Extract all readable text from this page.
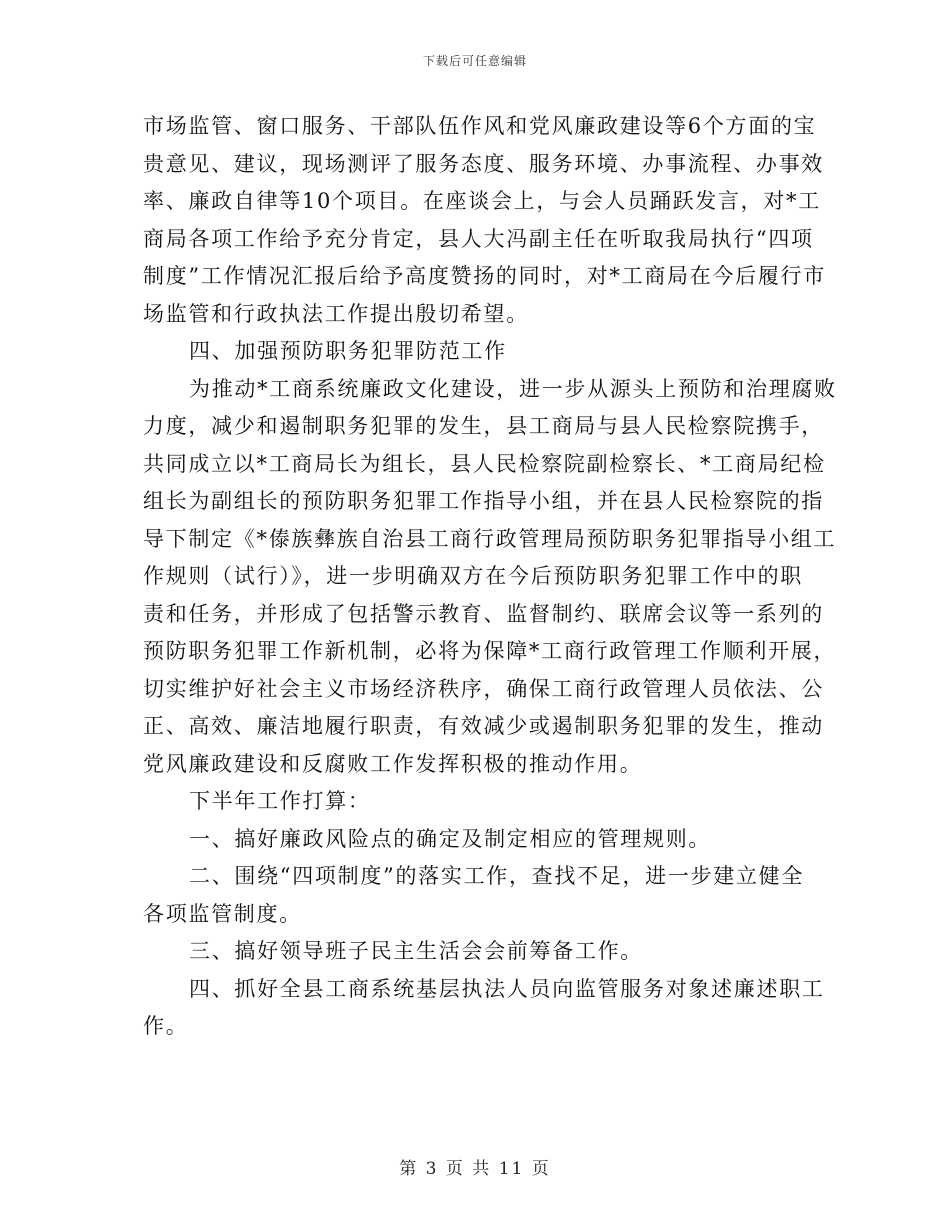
下载后可任意编辑
市场监管、窗口服务、干部队伍作风和党风廉政建设等6个方面的宝
贵意见、建议，现场测评了服务态度、服务环境、办事流程、办事效
率、廉政自律等10个项目。在座谈会上，与会人员踊跃发言，对*工
商局各项工作给予充分肯定，县人大冯副主任在听取我局执行“四项
制度”工作情况汇报后给予高度赞扬的同时，对*工商局在今后履行市
场监管和行政执法工作提出殷切希望。
四、加强预防职务犯罪防范工作
为推动*工商系统廉政文化建设，进一步从源头上预防和治理腐败
力度，减少和遏制职务犯罪的发生，县工商局与县人民检察院携手，
共同成立以*工商局长为组长，县人民检察院副检察长、*工商局纪检
组长为副组长的预防职务犯罪工作指导小组，并在县人民检察院的指
导下制定《*傣族彝族自治县工商行政管理局预防职务犯罪指导小组工
作规则（试行）》，进一步明确双方在今后预防职务犯罪工作中的职
责和任务，并形成了包括警示教育、监督制约、联席会议等一系列的
预防职务犯罪工作新机制，必将为保障*工商行政管理工作顺利开展，
切实维护好社会主义市场经济秩序，确保工商行政管理人员依法、公
正、高效、廉洁地履行职责，有效减少或遏制职务犯罪的发生，推动
党风廉政建设和反腐败工作发挥积极的推动作用。
下半年工作打算：
一、搞好廉政风险点的确定及制定相应的管理规则。
二、围绕“四项制度”的落实工作，查找不足，进一步建立健全
各项监管制度。
三、搞好领导班子民主生活会会前筹备工作。
四、抓好全县工商系统基层执法人员向监管服务对象述廉述职工
作。
第 3 页 共 11 页
